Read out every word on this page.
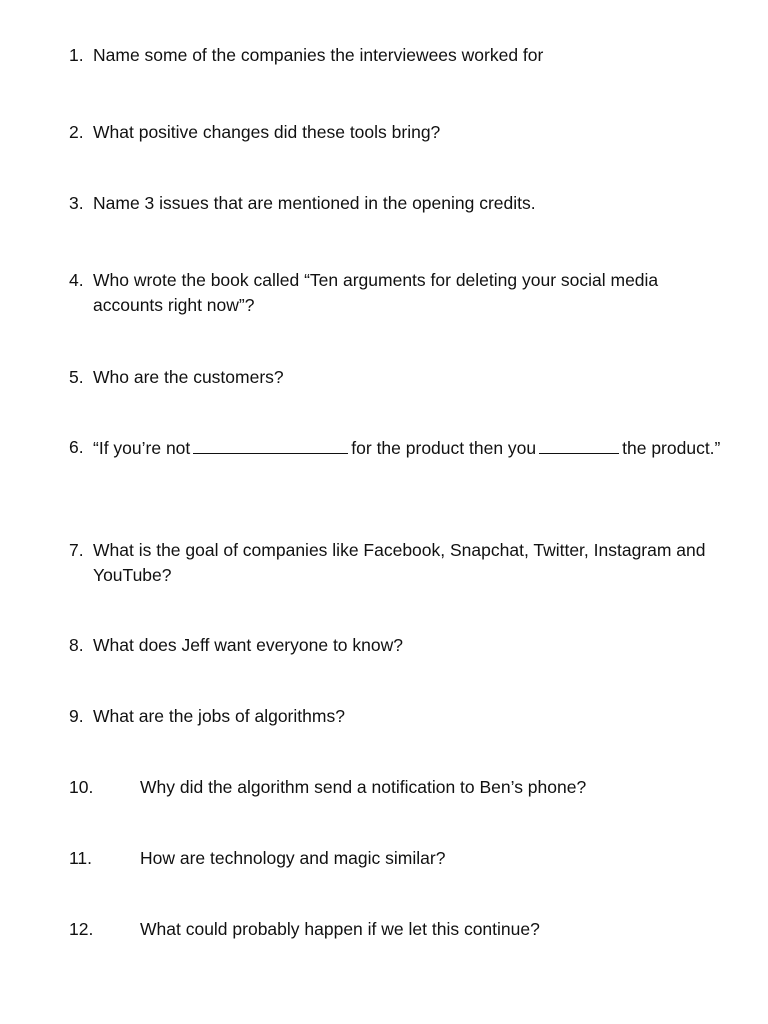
1. Name some of the companies the interviewees worked for
2. What positive changes did these tools bring?
3. Name 3 issues that are mentioned in the opening credits.
4. Who wrote the book called “Ten arguments for deleting your social media accounts right now”?
5. Who are the customers?
6. “If you’re not	for the product then you	the product.”
7. What is the goal of companies like Facebook, Snapchat, Twitter, Instagram and YouTube?
8. What does Jeff want everyone to know?
9. What are the jobs of algorithms?
10.	Why did the algorithm send a notification to Ben’s phone?
11.	How are technology and magic similar?
12.	What could probably happen if we let this continue?
